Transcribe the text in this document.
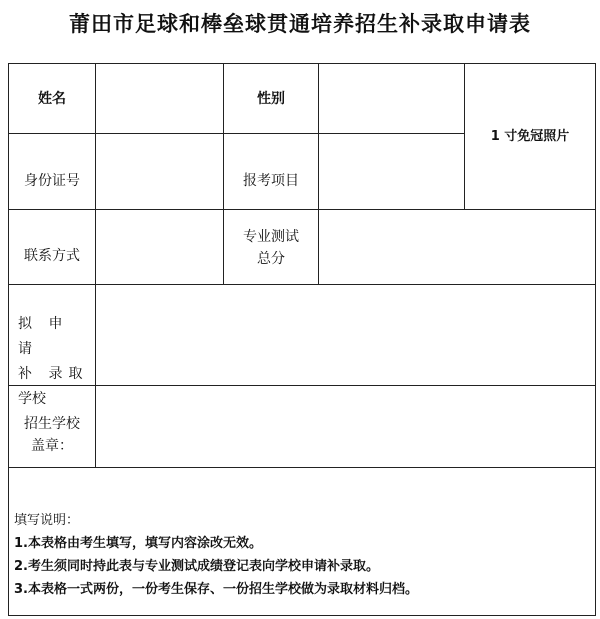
莆田市足球和棒垒球贯通培养招生补录取申请表
姓名	性别
1 寸免冠照片
身份证号	报考项目
联系方式
专业测试
总分
拟 申 请
补 录取
学校
招生学校
盖章：
填写说明：
1.本表格由考生填写，填写内容涂改无效。
2.考生须同时持此表与专业测试成绩登记表向学校申请补录取。
3.本表格一式两份，一份考生保存、一份招生学校做为录取材料归档。
